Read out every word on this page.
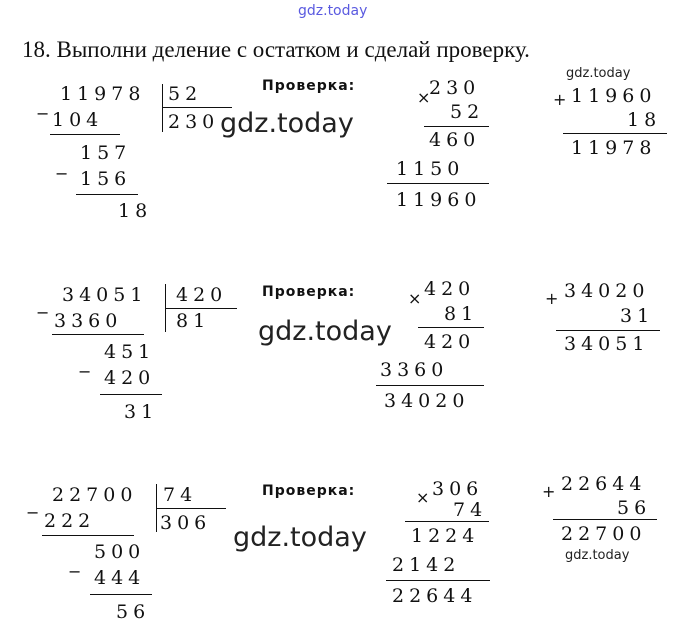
gdz.today
18. Выполни деление с остатком и сделай проверку.
11978 52
− 104	230
157
− 156
18
Проверка:
gdz.today
×
230
52
460
1150
11960
gdz.today
+ 11960
18
11978
34051 420
− 3360	81
451
− 420
31
Проверка:
gdz.today
× 420
81
420
3360
34020
+ 34020
31
34051
22700 74
− 222	306
500
− 444
56
Проверка:
gdz.today
× 306
74
1224
2142
22644
+ 22644
56
22700
gdz.today
